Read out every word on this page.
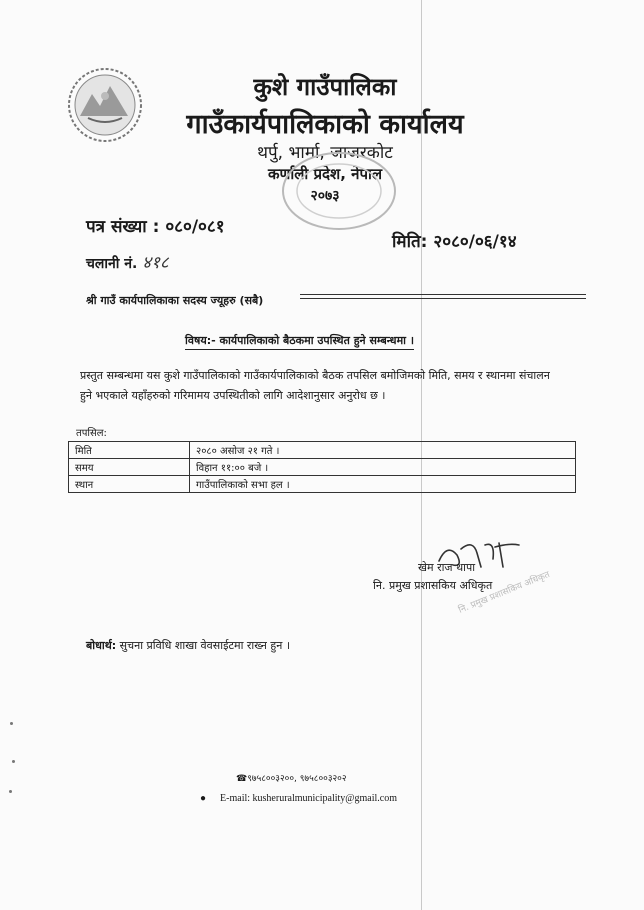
कुशे गाउँपालिका
गाउँकार्यपालिकाको कार्यालय
थर्पु, भार्मा, जाजरकोट
कर्णाली प्रदेश, नेपाल
२०७३
पत्र संख्या : ०८०/०८१
मिति: २०८०/०६/१४
चलानी नं. ४१८
श्री गाउँ कार्यपालिकाका सदस्य ज्यूहरु (सबै)
विषय:- कार्यपालिकाको बैठकमा उपस्थित हुने सम्बन्धमा ।
प्रस्तुत सम्बन्धमा यस कुशे गाउँपालिकाको गाउँकार्यपालिकाको बैठक तपसिल बमोजिमको मिति, समय र स्थानमा संचालन हुने भएकाले यहाँहरुको गरिमामय उपस्थितीको लागि आदेशानुसार अनुरोध छ ।
तपसिल:
मिति	२०८० असोज २१ गते ।
समय	विहान ११:०० बजे ।
स्थान	गाउँपालिकाको सभा हल ।
खेम राज थापा
नि. प्रमुख प्रशासकिय अधिकृत
नि. प्रमुख प्रशासकिय अधिकृत
बोधार्थ: सुचना प्रविधि शाखा वेवसाईटमा राख्न हुन ।
☎९७५८००३२००, ९७५८००३२०२
● E-mail: kusheruralmunicipality@gmail.com
